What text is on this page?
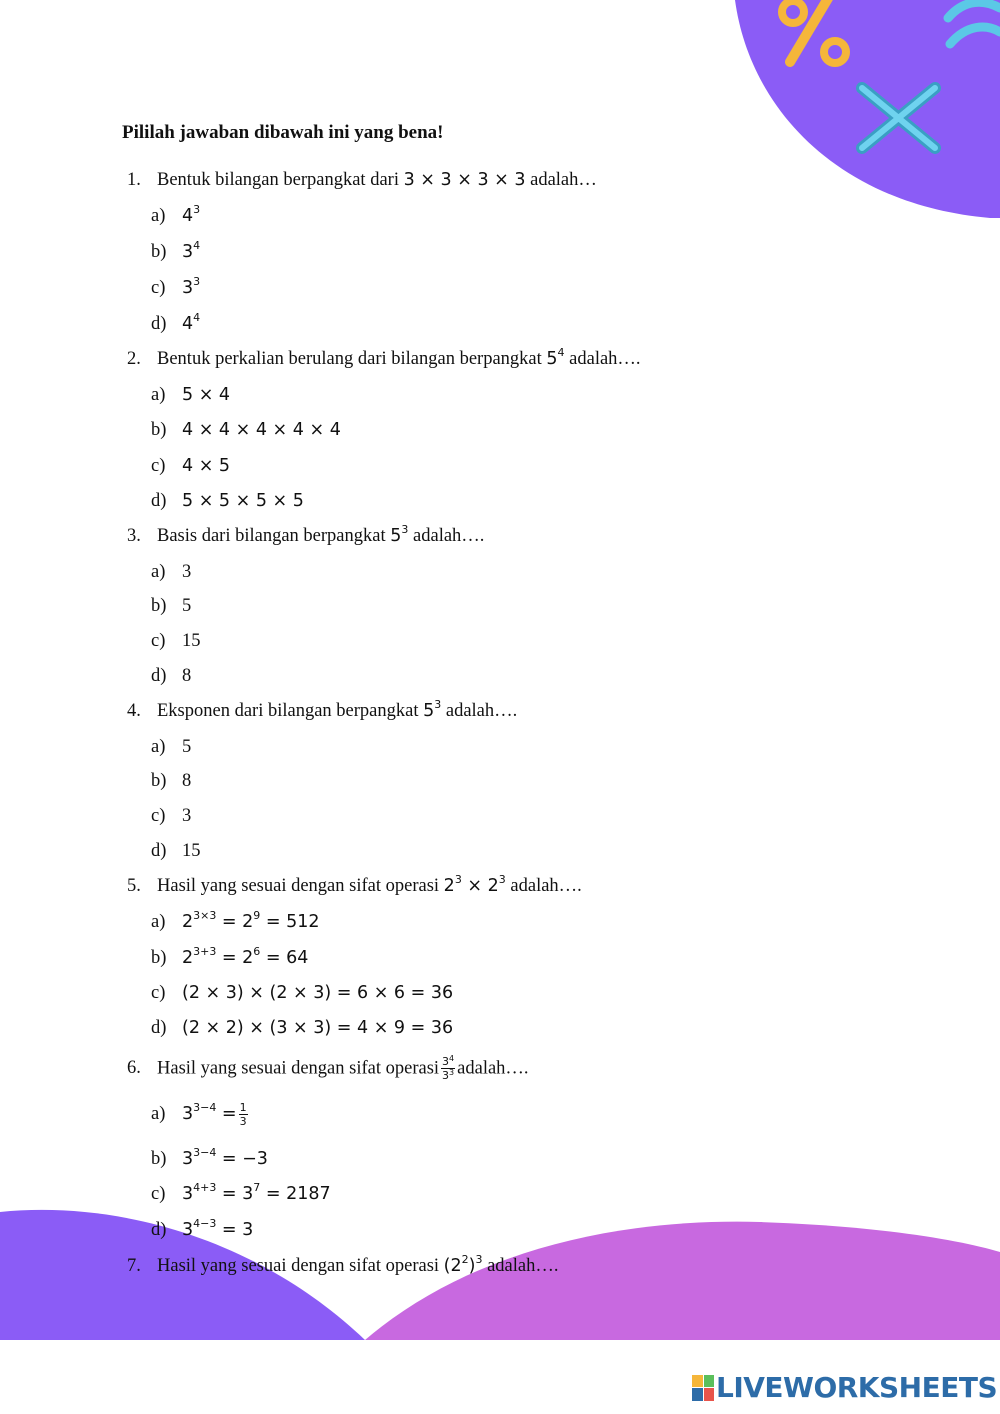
Pililah jawaban dibawah ini yang bena!
1. Bentuk bilangan berpangkat dari 3 × 3 × 3 × 3 adalah…
a) $4^3$
b) $3^4$
c) $3^3$
d) $4^4$
2. Bentuk perkalian berulang dari bilangan berpangkat $5^4$ adalah….
a) 5 × 4
b) 4 × 4 × 4 × 4 × 4
c) 4 × 5
d) 5 × 5 × 5 × 5
3. Basis dari bilangan berpangkat $5^3$ adalah….
a) 3
b) 5
c) 15
d) 8
4. Eksponen dari bilangan berpangkat $5^3$ adalah….
a) 5
b) 8
c) 3
d) 15
5. Hasil yang sesuai dengan sifat operasi $2^3 \times 2^3$ adalah….
a) $2^{3\times 3} = 2^9 = 512$
b) $2^{3+3} = 2^6 = 64$
c) (2 × 3) × (2 × 3) = 6 × 6 = 36
d) (2 × 2) × (3 × 3) = 4 × 9 = 36
6. Hasil yang sesuai dengan sifat operasi $\frac{3^4}{3^3}$ adalah….
a) $3^{3-4} = \frac{1}{3}$
b) $3^{3-4} = -3$
c) $3^{4+3} = 3^7 = 2187$
d) $3^{4-3} = 3$
7. Hasil yang sesuai dengan sifat operasi $(2^2)^3$ adalah….
LIVEWORKSHEETS
